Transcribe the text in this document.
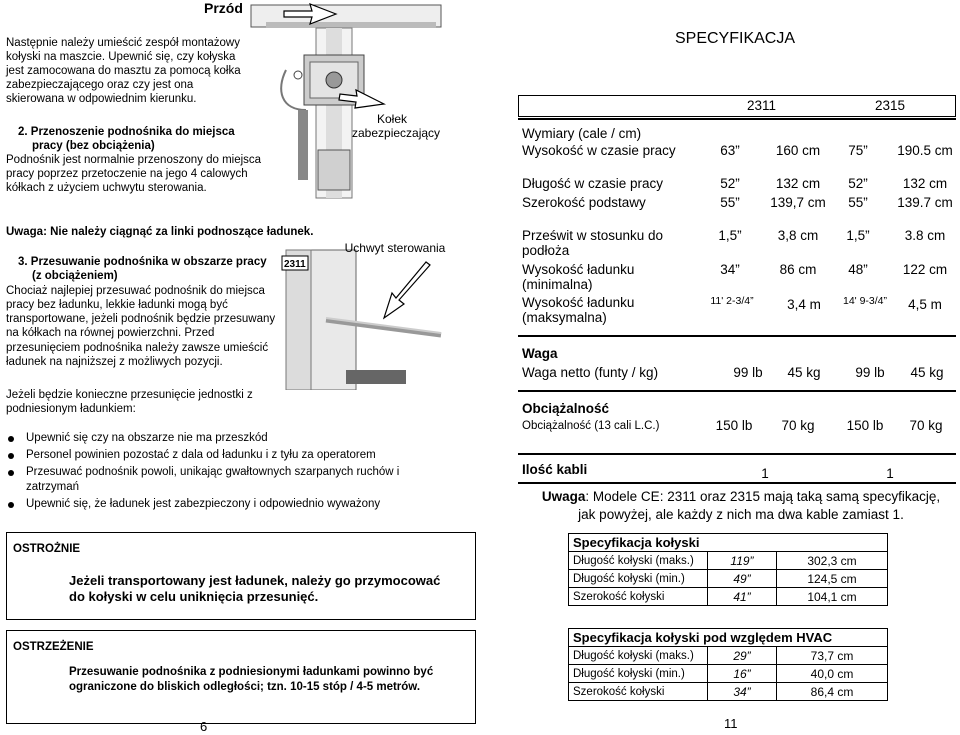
Przód
2311
Kołek
zabezpieczający
Uchwyt sterowania
Następnie należy umieścić zespół montażowy kołyski na maszcie. Upewnić się, czy kołyska jest zamocowana do masztu za pomocą kołka zabezpieczającego oraz czy jest ona skierowana w odpowiednim kierunku.
2. Przenoszenie podnośnika do miejsca
pracy (bez obciążenia)
Podnośnik jest normalnie przenoszony do miejsca pracy poprzez przetoczenie na jego 4 calowych kółkach z użyciem uchwytu sterowania.
Uwaga: Nie należy ciągnąć za linki podnoszące ładunek.
3. Przesuwanie podnośnika w obszarze pracy
(z obciążeniem)
Chociaż najlepiej przesuwać podnośnik do miejsca pracy bez ładunku, lekkie ładunki mogą być transportowane, jeżeli podnośnik będzie przesuwany na kółkach na równej powierzchni. Przed przesunięciem podnośnika należy zawsze umieścić ładunek na najniższej z możliwych pozycji.
Jeżeli będzie konieczne przesunięcie jednostki z podniesionym ładunkiem:
Upewnić się czy na obszarze nie ma przeszkód
Personel powinien pozostać z dala od ładunku i z tyłu za operatorem
Przesuwać podnośnik powoli, unikając gwałtownych szarpanych ruchów i zatrzymań
Upewnić się, że ładunek jest zabezpieczony i odpowiednio wyważony
OSTROŻNIE
Jeżeli transportowany jest ładunek, należy go przymocować do kołyski w celu uniknięcia przesunięć.
OSTRZEŻENIE
Przesuwanie podnośnika z podniesionymi ładunkami powinno być ograniczone do bliskich odległości; tzn. 10-15 stóp / 4-5 metrów.
6
SPECYFIKACJA
2311	2315
Wymiary (cale / cm)
Wysokość w czasie pracy	63”	160 cm	75”	190.5 cm
Długość w czasie pracy	52”	132 cm	52”	132 cm
Szerokość podstawy	55”	139,7 cm	55”	139.7 cm
Prześwit w stosunku do podłoża
1,5”	3,8 cm	1,5”	3.8 cm
Wysokość ładunku (minimalna)
34”	86 cm	48”	122 cm
Wysokość ładunku (maksymalna)
11' 2-3/4”	3,4 m	14' 9-3/4”	4,5 m
Waga
Waga netto (funty / kg)	99 lb	45 kg	99 lb	45 kg
Obciążalność
Obciążalność (13 cali L.C.)	150 lb	70 kg	150 lb	70 kg
Ilość kabli	1	1
Uwaga: Modele CE: 2311 oraz 2315 mają taką samą specyfikację,
jak powyżej, ale każdy z nich ma dwa kable zamiast 1.
Specyfikacja kołyski		
Długość kołyski (maks.)	119”	302,3 cm
Długość kołyski (min.)	49”	124,5 cm
Szerokość kołyski	41”	104,1 cm
Specyfikacja kołyski pod względem HVAC		
Długość kołyski (maks.)	29”	73,7 cm
Długość kołyski (min.)	16”	40,0 cm
Szerokość kołyski	34”	86,4 cm
11
